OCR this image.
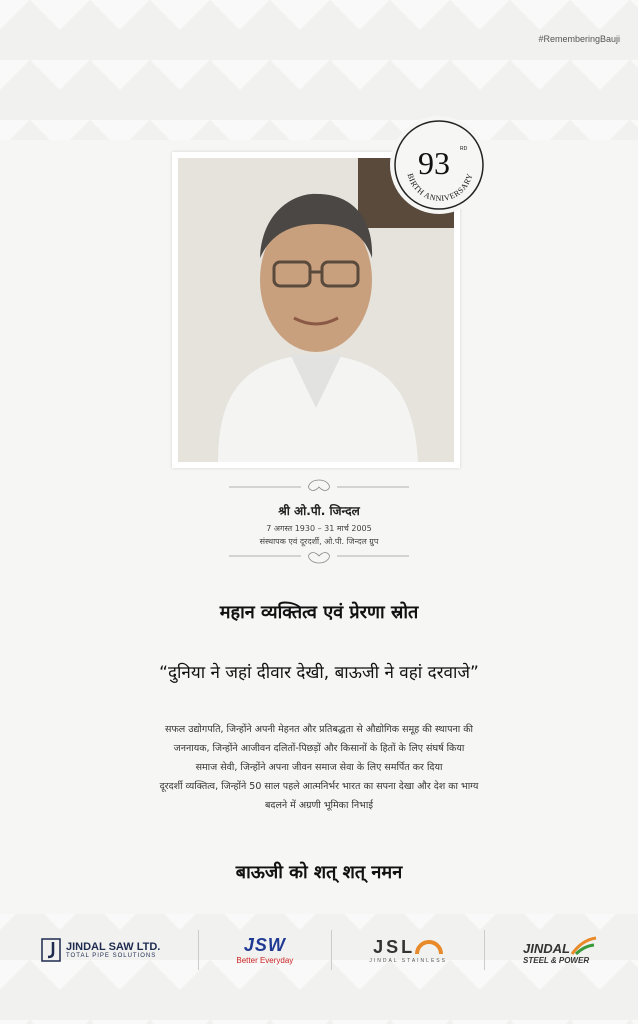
#RememberingBauji
93 RD
BIRTH ANNIVERSARY
श्री ओ.पी. जिन्दल
7 अगस्त 1930 – 31 मार्च 2005
संस्थापक एवं दूरदर्शी, ओ.पी. जिन्दल ग्रुप
महान व्यक्तित्व एवं प्रेरणा स्रोत
“दुनिया ने जहां दीवार देखी, बाऊजी ने वहां दरवाजे”
सफल उद्योगपति, जिन्होंने अपनी मेहनत और प्रतिबद्धता से औद्योगिक समूह की स्थापना की
जननायक, जिन्होंने आजीवन दलितों-पिछड़ों और किसानों के हितों के लिए संघर्ष किया
समाज सेवी, जिन्होंने अपना जीवन समाज सेवा के लिए समर्पित कर दिया
दूरदर्शी व्यक्तित्व, जिन्होंने 50 साल पहले आत्मनिर्भर भारत का सपना देखा और देश का भाग्य
बदलने में अग्रणी भूमिका निभाई
बाऊजी को शत् शत् नमन
JINDAL SAW LTD.
TOTAL PIPE SOLUTIONS
JSW
Better Everyday
JSL
JINDAL STAINLESS
JINDAL
STEEL & POWER
